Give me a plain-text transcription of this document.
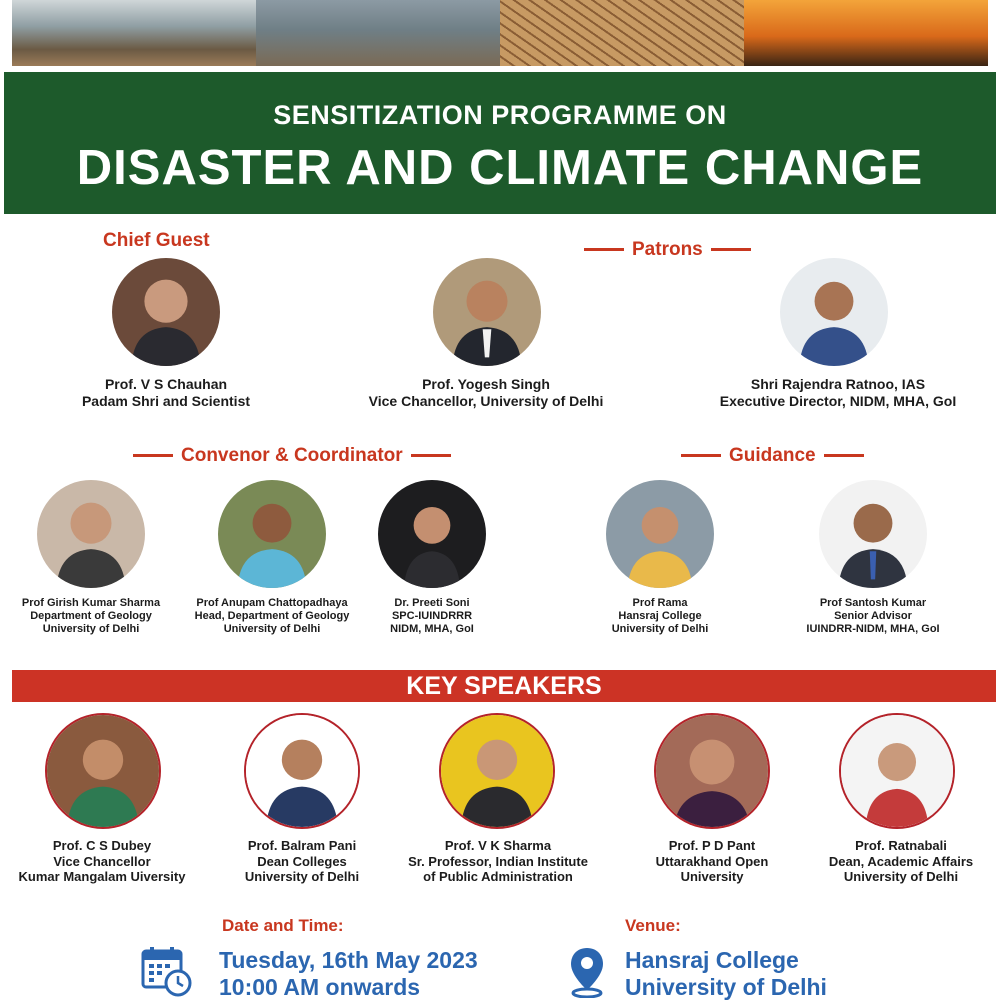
SENSITIZATION PROGRAMME ON
DISASTER AND CLIMATE CHANGE
Chief Guest
Prof. V S Chauhan
Padam Shri and Scientist
Patrons
Prof. Yogesh Singh
Vice Chancellor, University of Delhi
Shri Rajendra Ratnoo, IAS
Executive Director, NIDM, MHA, GoI
Convenor & Coordinator
Prof Girish Kumar Sharma
Department of Geology
University of Delhi
Prof Anupam Chattopadhaya
Head, Department of Geology
University of Delhi
Dr. Preeti Soni
SPC-IUINDRRR
NIDM, MHA, GoI
Guidance
Prof Rama
Hansraj College
University of Delhi
Prof Santosh Kumar
Senior Advisor
IUINDRR-NIDM, MHA, GoI
KEY SPEAKERS
Prof. C S Dubey
Vice Chancellor
Kumar Mangalam Uiversity
Prof. Balram Pani
Dean Colleges
University of Delhi
Prof. V K Sharma
Sr. Professor, Indian Institute
of Public Administration
Prof. P D Pant
Uttarakhand Open
University
Prof. Ratnabali
Dean, Academic Affairs
University of Delhi
Date and Time:
Tuesday, 16th May 2023
10:00 AM onwards
Venue:
Hansraj College
University of Delhi
